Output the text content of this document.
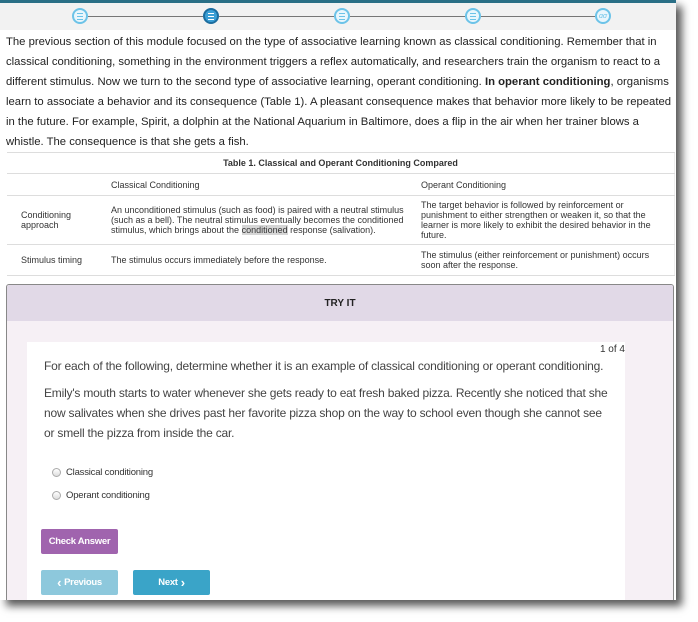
ɑσ

The previous section of this module focused on the type of associative learning known as classical conditioning. Remember that in classical conditioning, something in the environment triggers a reflex automatically, and researchers train the organism to react to a different stimulus. Now we turn to the second type of associative learning, operant conditioning. In operant conditioning, organisms learn to associate a behavior and its consequence (Table 1). A pleasant consequence makes that behavior more likely to be repeated in the future. For example, Spirit, a dolphin at the National Aquarium in Baltimore, does a flip in the air when her trainer blows a whistle. The consequence is that she gets a fish.

Table 1. Classical and Operant Conditioning Compared		
	Classical Conditioning	Operant Conditioning
Conditioning approach	An unconditioned stimulus (such as food) is paired with a neutral stimulus (such as a bell). The neutral stimulus eventually becomes the conditioned stimulus, which brings about the conditioned response (salivation).	The target behavior is followed by reinforcement or punishment to either strengthen or weaken it, so that the learner is more likely to exhibit the desired behavior in the future.
Stimulus timing	The stimulus occurs immediately before the response.	The stimulus (either reinforcement or punishment) occurs soon after the response.
TRY IT
1 of 4
For each of the following, determine whether it is an example of classical conditioning or operant conditioning.
Emily's mouth starts to water whenever she gets ready to eat fresh baked pizza. Recently she noticed that she now salivates when she drives past her favorite pizza shop on the way to school even though she cannot see or smell the pizza from inside the car.
Classical conditioning
Operant conditioning
Check Answer
‹ Previous	Next ›
